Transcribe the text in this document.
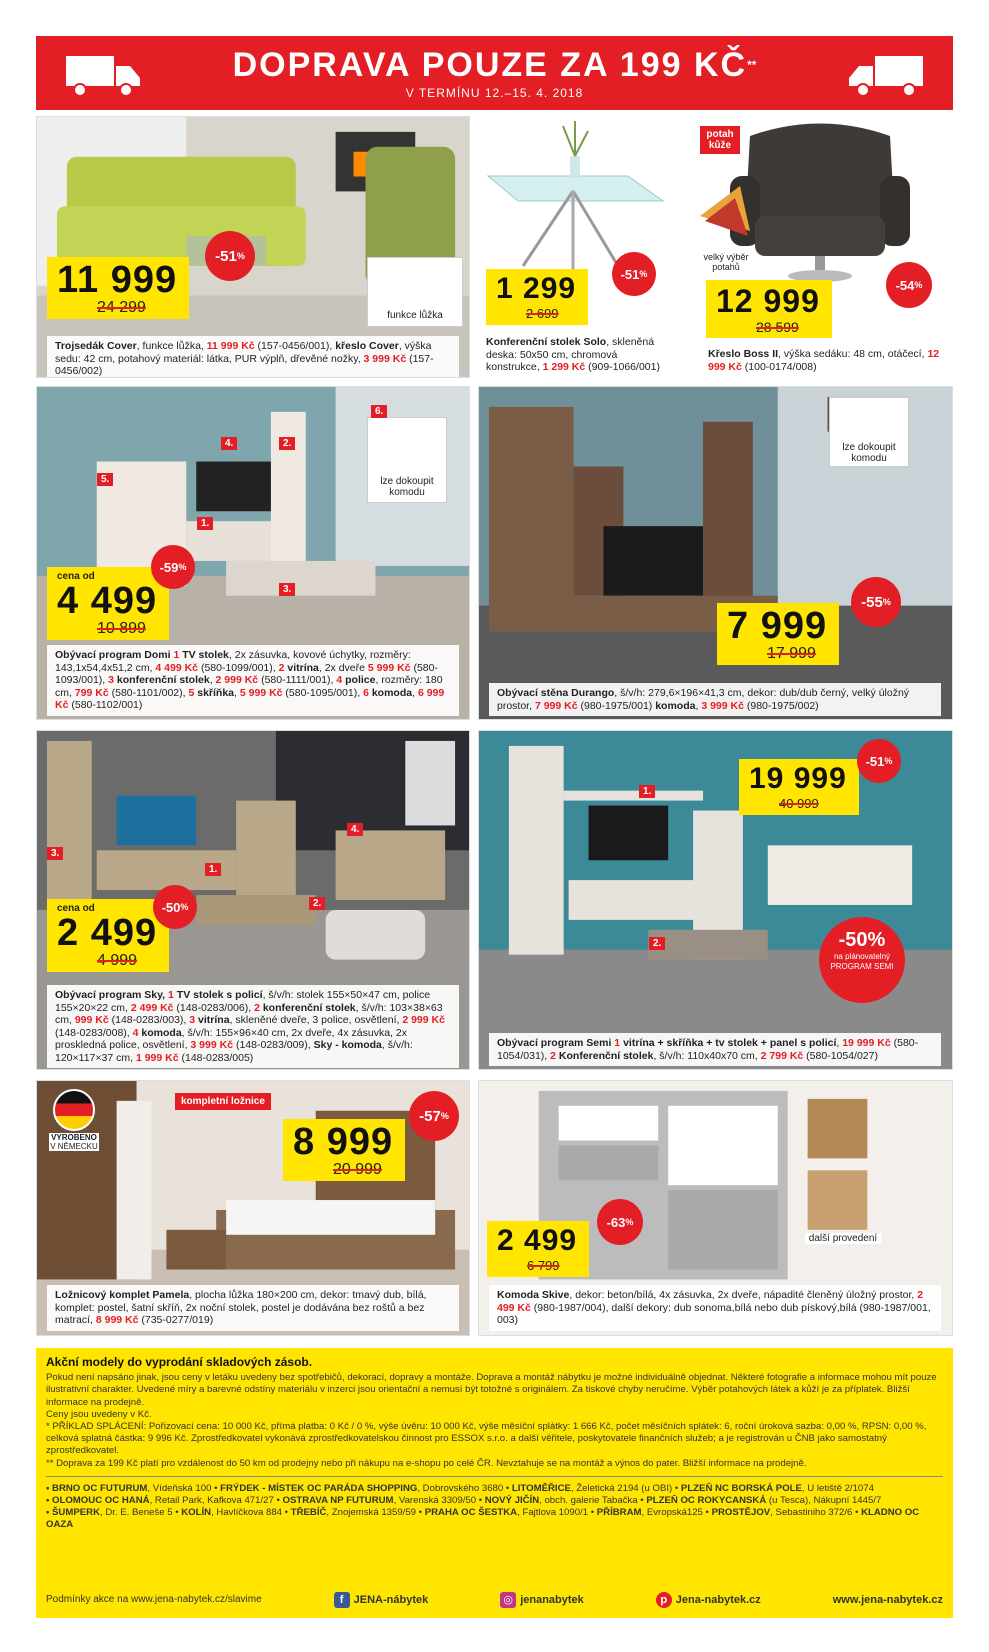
DOPRAVA POUZE ZA 199 KČ**
V TERMÍNU 12.–15. 4. 2018
funkce lůžka
11 999
24 299
-51 %
Trojsedák Cover, funkce lůžka, 11 999 Kč (157-0456/001), křeslo Cover, výška sedu: 42 cm, potahový materiál: látka, PUR výplň, dřevěné nožky, 3 999 Kč (157-0456/002)
1 299
2 699
-51 %
Konferenční stolek Solo, skleněná deska: 50x50 cm, chromová konstrukce, 1 299 Kč (909-1066/001)
potah kůže
velký výběr potahů
12 999
28 599
-54 %
Křeslo Boss II, výška sedáku: 48 cm, otáčecí, 12 999 Kč (100-0174/008)
lze dokoupit komodu
1.
2.
3.
4.
5.
6.
cena od
4 499
10 899
-59 %
Obývací program Domi 1 TV stolek, 2x zásuvka, kovové úchytky, rozměry: 143,1x54,4x51,2 cm, 4 499 Kč (580-1099/001), 2 vitrína, 2x dveře 5 999 Kč (580-1093/001), 3 konferenční stolek, 2 999 Kč (580-1111/001), 4 police, rozměry: 180 cm, 799 Kč (580-1101/002), 5 skříňka, 5 999 Kč (580-1095/001), 6 komoda, 6 999 Kč (580-1102/001)
lze dokoupit komodu
7 999
17 999
-55 %
Obývací stěna Durango, š/v/h: 279,6×196×41,3 cm, dekor: dub/dub černý, velký úložný prostor, 7 999 Kč (980-1975/001) komoda, 3 999 Kč (980-1975/002)
1.
2.
3.
4.
cena od
2 499
4 999
-50 %
Obývací program Sky, 1 TV stolek s policí, š/v/h: stolek 155×50×47 cm, police 155×20×22 cm, 2 499 Kč (148-0283/006), 2 konferenční stolek, š/v/h: 103×38×63 cm, 999 Kč (148-0283/003), 3 vitrína, skleněné dveře, 3 police, osvětlení, 2 999 Kč (148-0283/008), 4 komoda, š/v/h: 155×96×40 cm, 2x dveře, 4x zásuvka, 2x proskledná police, osvětlení, 3 999 Kč (148-0283/009), Sky - komoda, š/v/h: 120×117×37 cm, 1 999 Kč (148-0283/005)
1.
2.
19 999
40 999
-51 %
-50%
na plánovatelný PROGRAM SEMI
Obývací program Semi 1 vitrína + skříňka + tv stolek + panel s policí, 19 999 Kč (580-1054/031), 2 Konferenční stolek, š/v/h: 110x40x70 cm, 2 799 Kč (580-1054/027)
VYROBENO
V NĚMECKU
kompletní ložnice
8 999
20 999
-57 %
Ložnicový komplet Pamela, plocha lůžka 180×200 cm, dekor: tmavý dub, bílá, komplet: postel, šatní skříň, 2x noční stolek, postel je dodávána bez roštů a bez matrací, 8 999 Kč (735-0277/019)
další provedení
2 499
6 799
-63 %
Komoda Skive, dekor: beton/bílá, 4x zásuvka, 2x dveře, nápadité členěný úložný prostor, 2 499 Kč (980-1987/004), další dekory: dub sonoma,bílá nebo dub pískový,bílá (980-1987/001, 003)
Akční modely do vyprodání skladových zásob.
Pokud není napsáno jinak, jsou ceny v letáku uvedeny bez spotřebičů, dekorací, dopravy a montáže. Doprava a montáž nábytku je možné individuálně objednat. Některé fotografie a informace mohou mít pouze ilustrativní charakter. Uvedené míry a barevné odstíny materiálu v inzerci jsou orientační a nemusí být totožné s originálem. Za tiskové chyby neručíme. Výběr potahových látek a kůží je za příplatek. Bližší informace na prodejně.
Ceny jsou uvedeny v Kč.
* PŘÍKLAD SPLÁCENÍ: Pořizovací cena: 10 000 Kč, přímá platba: 0 Kč / 0 %, výše úvěru: 10 000 Kč, výše měsíční splátky: 1 666 Kč, počet měsíčních splátek: 6, roční úroková sazba: 0,00 %, RPSN: 0,00 %, celková splatná částka: 9 996 Kč. Zprostředkovatel vykonává zprostředkovatelskou činnost pro ESSOX s.r.o. a další věřitele, poskytovatele finančních služeb; a je registrován u ČNB jako samostatný zprostředkovatel.
** Doprava za 199 Kč platí pro vzdálenost do 50 km od prodejny nebo při nákupu na e-shopu po celé ČR. Nevztahuje se na montáž a výnos do pater. Bližší informace na prodejně.
• BRNO OC FUTURUM, Vídeňská 100 • FRÝDEK - MÍSTEK OC PARÁDA SHOPPING, Dobrovského 3680 • LITOMĚŘICE, Želetická 2194 (u OBI) • PLZEŇ NC BORSKÁ POLE, U letiště 2/1074
• OLOMOUC OC HANÁ, Retail Park, Kafkova 471/27 • OSTRAVA NP FUTURUM, Varenská 3309/50 • NOVÝ JIČÍN, obch. galerie Tabačka • PLZEŇ OC ROKYCANSKÁ (u Tesca), Nákupní 1445/7
• ŠUMPERK, Dr. E. Beneše 5 • KOLÍN, Havlíčkova 884 • TŘEBÍČ, Znojemská 1359/59 • PRAHA OC ŠESTKA, Fajtlova 1090/1 • PŘÍBRAM, Evropská125 • PROSTĚJOV, Sebastiniho 372/6 • KLADNO OC OAZA
Podmínky akce na www.jena-nabytek.cz/slavime	f JENA-nábytek	◎ jenanabytek	p Jena-nabytek.cz	www.jena-nabytek.cz
